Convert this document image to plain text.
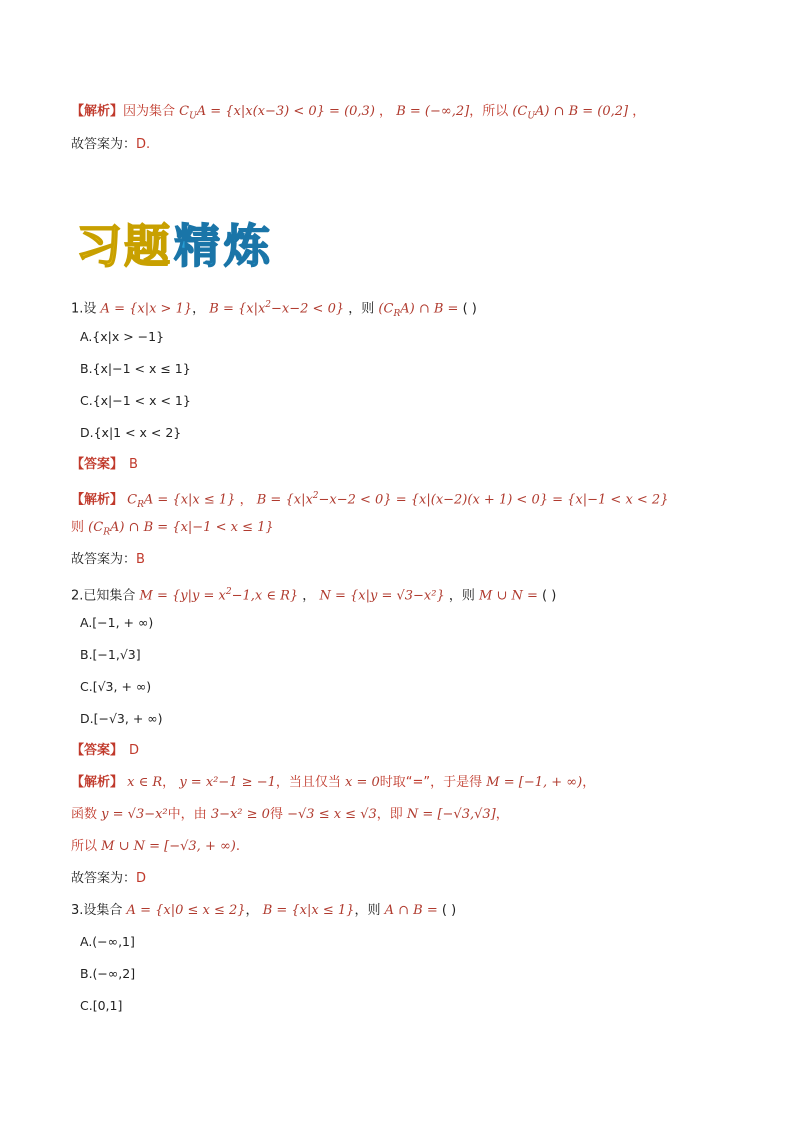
【解析】因为集合 $C_UA = \{x|x(x-3) < 0\} = (0,3)$ ， B = (−∞,2]，所以 $(C_UA)$ ∩ B = (0,2] ，
故答案为：D.
习 题 精 炼
1.设 A = {x|x > 1}， $B = \{x|x^2-x-2 < 0\}$ ，则 $(C_RA)$ ∩ B = ( )
A.{x|x > −1}
B.{x|−1 < x ≤ 1}
C.{x|−1 < x < 1}
D.{x|1 < x < 2}
【答案】 B
【解析】 $C_RA = \{x|x \le 1\}$ ， $B = \{x|x^2-x-2 < 0\} = \{x|(x-2)(x + 1) < 0\} = \{x|-1 < x < 2\}$
则 $(C_RA)$ ∩ B = {x|−1 < x ≤ 1}
故答案为：B
2.已知集合 $M = \{y|y = x^2-1,x$ ∈ R} ， N = {x|y = √3−x²} ，则 M ∪ N = ( )
A.[−1, + ∞)
B.[−1,√3]
C.[√3, + ∞)
D.[−√3, + ∞)
【答案】 D
【解析】 x ∈ R， y = x²−1 ≥ −1，当且仅当 x = 0时取“=”，于是得 M = [−1, + ∞)，
函数 y = √3−x²中，由 3−x² ≥ 0得 −√3 ≤ x ≤ √3，即 N = [−√3,√3]，
所以 M ∪ N = [−√3, + ∞).
故答案为：D
3.设集合 A = {x|0 ≤ x ≤ 2}， B = {x|x ≤ 1}，则 A ∩ B = ( )
A.(−∞,1]
B.(−∞,2]
C.[0,1]
